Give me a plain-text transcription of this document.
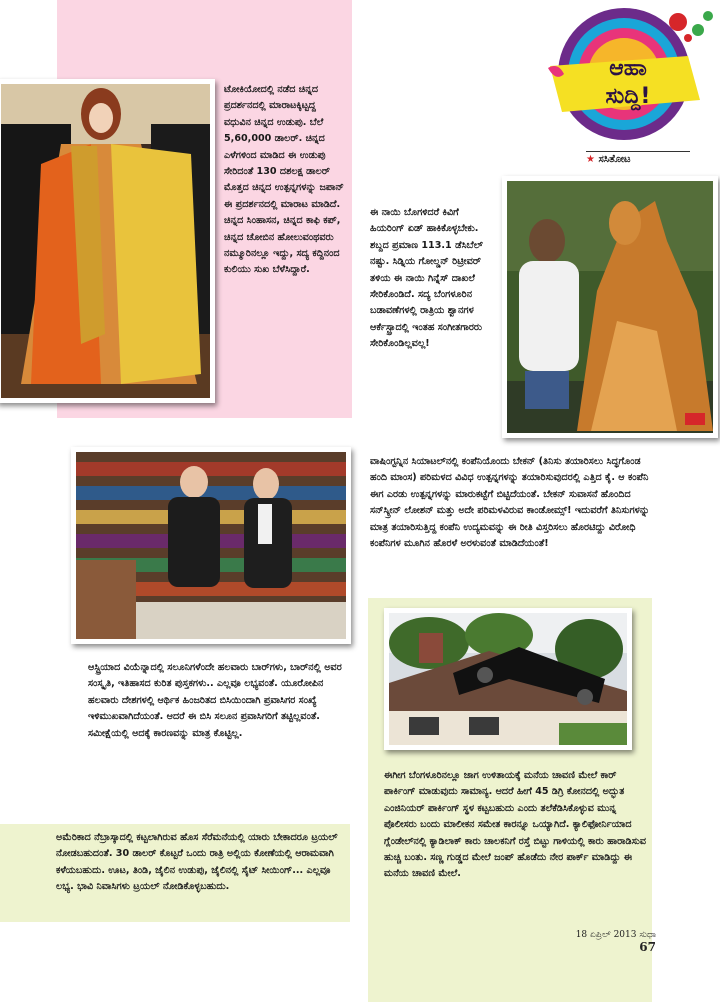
ಆಹಾ
ಸುದ್ದಿ!
★ ಸಸಿತೋಟ
ಟೋಕಿಯೋದಲ್ಲಿ ನಡೆದ ಚಿನ್ನದ ಪ್ರದರ್ಶನದಲ್ಲಿ ಮಾರಾಟಕ್ಕಿಟ್ಟದ್ದ ವಧುವಿನ ಚಿನ್ನದ ಉಡುಪು. ಬೆಲೆ 5,60,000 ಡಾಲರ್. ಚಿನ್ನದ ಎಳೆಗಳಿಂದ ಮಾಡಿದ ಈ ಉಡುಪು ಸೇರಿದಂತೆ 130 ದಶಲಕ್ಷ ಡಾಲರ್ ಮೊತ್ತದ ಚಿನ್ನದ ಉತ್ಪನ್ನಗಳನ್ನು ಜಪಾನ್ ಈ ಪ್ರದರ್ಶನದಲ್ಲಿ ಮಾರಾಟ ಮಾಡಿದೆ. ಚಿನ್ನದ ಸಿಂಹಾಸನ, ಚಿನ್ನದ ಕಾಫಿ ಕಪ್, ಚಿನ್ನದ ಚೋಬಿನ ಹೋಲುವಂಥವರು ನಮ್ಮೂರಿನಲ್ಲೂ ಇದ್ದು, ಸದ್ಯ ಕದ್ದಿನಂದ ಕುಲಿಯು ಸುಖ ಬೆಳೆಸಿದ್ದಾರೆ.
ಈ ನಾಯಿ ಬೊಗಳಿದರೆ ಕಿವಿಗೆ ಹಿಯರಿಂಗ್ ಏಡ್ ಹಾಕಿಕೊಳ್ಳಬೇಕು. ಶಬ್ದದ ಪ್ರಮಾಣ 113.1 ಡೆಸಿಬೆಲ್ ನಷ್ಟು. ಸಿಡ್ನಿಯ ಗೋಲ್ಡನ್ ರಿಟ್ರೀವರ್ ತಳಿಯ ಈ ನಾಯಿ ಗಿನ್ನೆಸ್ ದಾಖಲೆ ಸೇರಿಕೊಂಡಿದೆ. ಸದ್ಯ ಬೆಂಗಳೂರಿನ ಬಡಾವಣೆಗಳಲ್ಲಿ ರಾತ್ರಿಯ ಶ್ವಾನಗಳ ಆರ್ಕೆಸ್ಟ್ರಾದಲ್ಲಿ ಇಂತಹ ಸಂಗೀತಗಾರರು ಸೇರಿಕೊಂಡಿಲ್ಲವಲ್ಲ!
ವಾಷಿಂಗ್ಟನ್ನಿನ ಸಿಯಾಟಲ್‌ನಲ್ಲಿ ಕಂಪೆನಿಯೊಂದು ಬೇಕನ್ (ತಿನಿಸು ತಯಾರಿಸಲು ಸಿದ್ಧಗೊಂಡ ಹಂದಿ ಮಾಂಸ) ಪರಿಮಳದ ವಿವಿಧ ಉತ್ಪನ್ನಗಳನ್ನು ತಯಾರಿಸುವುದರಲ್ಲಿ ಎತ್ತಿದ ಕೈ. ಆ ಕಂಪೆನಿ ಈಗ ಎರಡು ಉತ್ಪನ್ನಗಳನ್ನು ಮಾರುಕಟ್ಟೆಗೆ ಬಿಟ್ಟಿದೆಯಂತೆ. ಬೇಕನ್ ಸುವಾಸನೆ ಹೊಂದಿದ ಸನ್‌ಸ್ಕ್ರೀನ್ ಲೋಶನ್ ಮತ್ತು ಅದೇ ಪರಿಮಳವಿರುವ ಕಾಂಡೋಮ್ಸ್! ಇದುವರೆಗೆ ತಿನಿಸುಗಳನ್ನು ಮಾತ್ರ ತಯಾರಿಸುತ್ತಿದ್ದ ಕಂಪೆನಿ ಉದ್ಯಮವನ್ನು ಈ ರೀತಿ ವಿಸ್ತರಿಸಲು ಹೊರಟಿದ್ದು ವಿರೋಧಿ ಕಂಪೆನಿಗಳ ಮೂಗಿನ ಹೊರಳೆ ಅರಳುವಂತೆ ಮಾಡಿದೆಯಂತೆ!
ಆಸ್ಟ್ರಿಯಾದ ವಿಯೆನ್ನಾದಲ್ಲಿ ಸಲೂನಿಗಳೆಂದೇ ಹಲವಾರು ಬಾರ್‌ಗಳು, ಬಾರ್‌ನಲ್ಲಿ ಅವರ ಸಂಸ್ಕೃತಿ, ಇತಿಹಾಸದ ಕುರಿತ ಪುಸ್ತಕಗಳು.. ಎಲ್ಲವೂ ಲಭ್ಯವಂತೆ. ಯೂರೋಪಿನ ಹಲವಾರು ದೇಶಗಳಲ್ಲಿ ಆರ್ಥಿಕ ಹಿಂಜರಿತದ ಬಿಸಿಯಿಂದಾಗಿ ಪ್ರವಾಸಿಗರ ಸಂಖ್ಯೆ ಇಳಿಮುಖವಾಗಿದೆಯಂತೆ. ಆದರೆ ಈ ಬಿಸಿ ಸಲೂನ ಪ್ರವಾಸಿಗರಿಗೆ ತಟ್ಟಿಲ್ಲವಂತೆ. ಸಮೀಕ್ಷೆಯಲ್ಲಿ ಅದಕ್ಕೆ ಕಾರಣವನ್ನು ಮಾತ್ರ ಕೊಟ್ಟಿಲ್ಲ.
ಈಗೀಗ ಬೆಂಗಳೂರಿನಲ್ಲೂ ಜಾಗ ಉಳಿತಾಯಕ್ಕೆ ಮನೆಯ ಚಾವಣಿ ಮೇಲೆ ಕಾರ್ ಪಾರ್ಕಿಂಗ್ ಮಾಡುವುದು ಸಾಮಾನ್ಯ. ಆದರೆ ಹೀಗೆ 45 ಡಿಗ್ರಿ ಕೋನದಲ್ಲಿ ಅದ್ಭುತ ಎಂಜಿನಿಯರ್ ಪಾರ್ಕಿಂಗ್ ಸ್ಥಳ ಕಟ್ಟಬಹುದು ಎಂದು ತಲೆಕೆಡಿಸಿಕೊಳ್ಳುವ ಮುನ್ನ ಪೊಲೀಸರು ಬಂದು ಮಾಲೀಕನ ಸಮೇತ ಕಾರನ್ನೂ ಒಯ್ಯಾಗಿದೆ. ಕ್ಯಾಲಿಫೋರ್ನಿಯಾದ ಗ್ಲೆಂಡೇಲ್‌ನಲ್ಲಿ ಕ್ಯಾಡಿಲಾಕ್ ಕಾರು ಚಾಲಕನಿಗೆ ರಸ್ತೆ ಬಿಟ್ಟು ಗಾಳಿಯಲ್ಲಿ ಕಾರು ಹಾರಾಡಿಸುವ ಹುಚ್ಚಿ ಬಂತು. ಸಣ್ಣ ಗುಡ್ಡದ ಮೇಲೆ ಜಂಪ್ ಹೊಡೆದು ನೇರ ಪಾರ್ಕ್ ಮಾಡಿದ್ದು ಈ ಮನೆಯ ಚಾವಣಿ ಮೇಲೆ.
ಅಮೆರಿಕಾದ ನೆಬ್ರಾಸ್ಕಾದಲ್ಲಿ ಕಟ್ಟಲಾಗಿರುವ ಹೊಸ ಸೆರೆಮನೆಯಲ್ಲಿ ಯಾರು ಬೇಕಾದರೂ ಟ್ರಯಲ್ ನೋಡಬಹುದಂತೆ. 30 ಡಾಲರ್ ಕೊಟ್ಟರೆ ಒಂದು ರಾತ್ರಿ ಅಲ್ಲಿಯ ಕೋಣೆಯಲ್ಲಿ ಆರಾಮವಾಗಿ ಕಳೆಯಬಹುದು. ಊಟ, ತಿಂಡಿ, ಜೈಲಿನ ಉಡುಪು, ಜೈಲಿನಲ್ಲಿ ಸೈಟ್ ಸೀಯಿಂಗ್... ಎಲ್ಲವೂ ಲಭ್ಯ. ಭಾವಿ ನಿವಾಸಿಗಳು ಟ್ರಯಲ್ ನೋಡಿಕೊಳ್ಳಬಹುದು.
18 ಏಪ್ರಿಲ್ 2013 ಸುಧಾ 67
